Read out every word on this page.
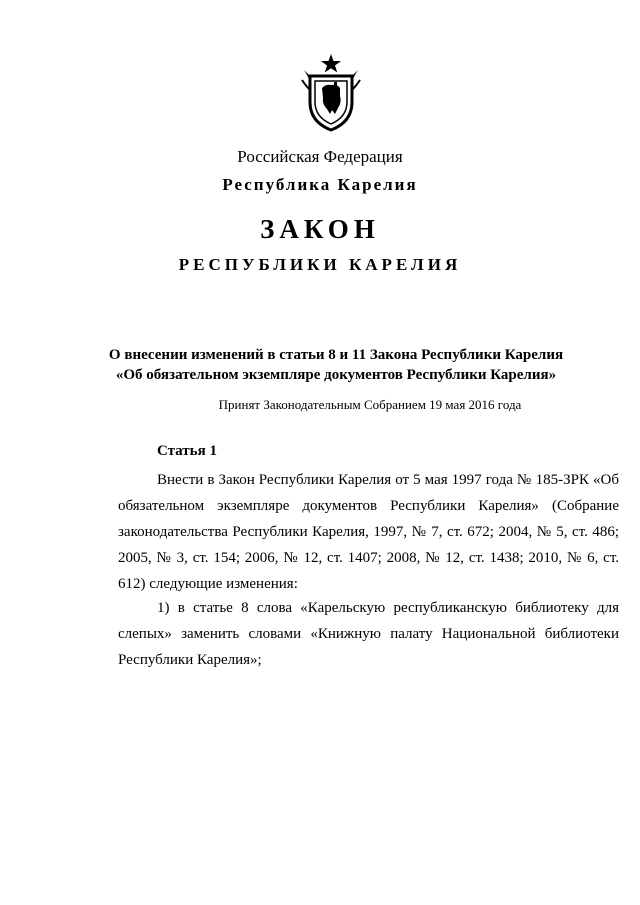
Российская Федерация
Республика Карелия
ЗАКОН
РЕСПУБЛИКИ КАРЕЛИЯ
О внесении изменений в статьи 8 и 11 Закона Республики Карелия
«Об обязательном экземпляре документов Республики Карелия»
Принят Законодательным Собранием 19 мая 2016 года
Статья 1
Внести в Закон Республики Карелия от 5 мая 1997 года № 185-ЗРК «Об обязательном экземпляре документов Республики Карелия» (Собрание законодательства Республики Карелия, 1997, № 7, ст. 672; 2004, № 5, ст. 486; 2005, № 3, ст. 154; 2006, № 12, ст. 1407; 2008, № 12, ст. 1438; 2010, № 6, ст. 612) следующие изменения:
1) в статье 8 слова «Карельскую республиканскую библиотеку для слепых» заменить словами «Книжную палату Национальной библиотеки Республики Карелия»;
